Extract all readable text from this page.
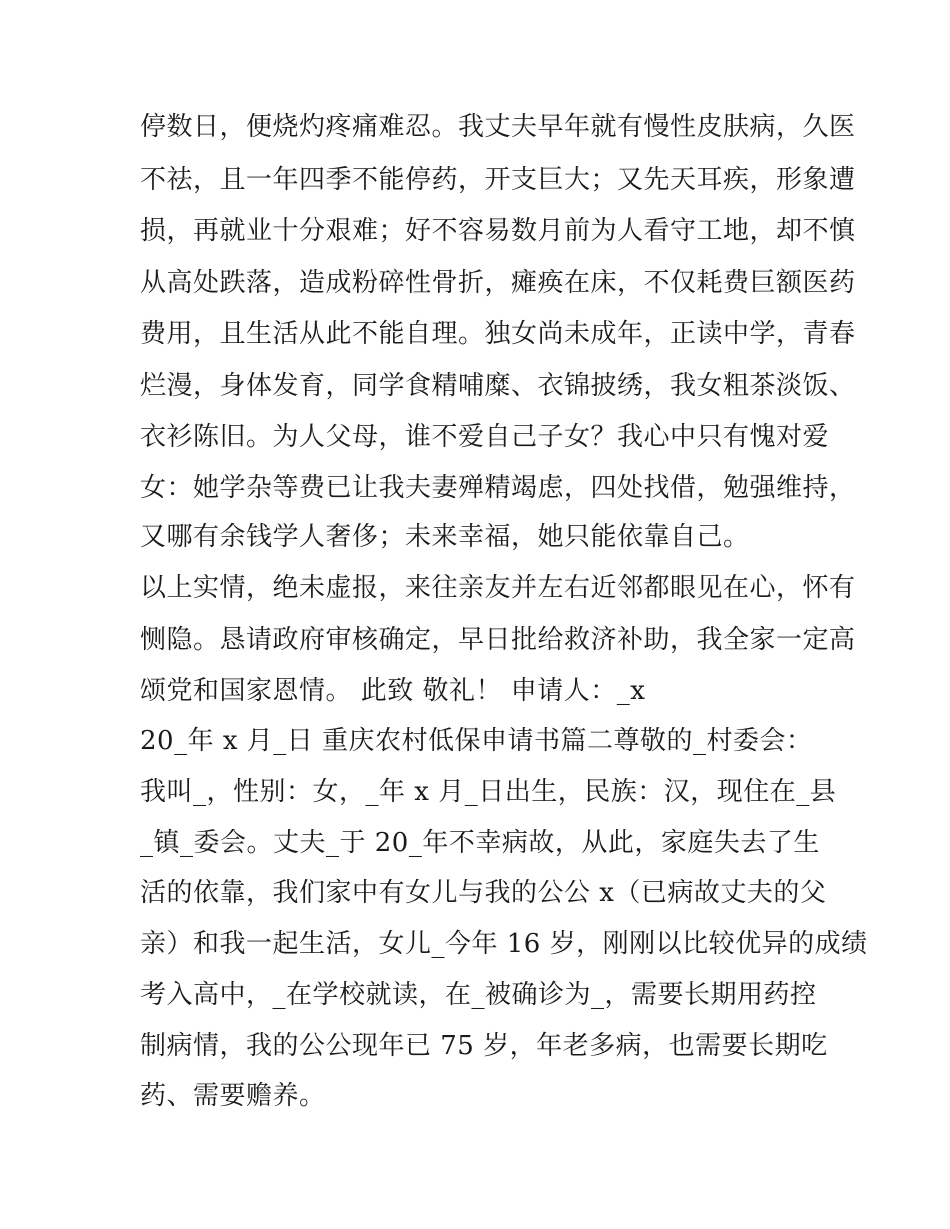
停数日，便烧灼疼痛难忍。我丈夫早年就有慢性皮肤病，久医
不祛，且一年四季不能停药，开支巨大；又先天耳疾，形象遭
损，再就业十分艰难；好不容易数月前为人看守工地，却不慎
从高处跌落，造成粉碎性骨折，瘫痪在床，不仅耗费巨额医药
费用，且生活从此不能自理。独女尚未成年，正读中学，青春
烂漫，身体发育，同学食精哺糜、衣锦披绣，我女粗茶淡饭、
衣衫陈旧。为人父母，谁不爱自己子女？我心中只有愧对爱
女：她学杂等费已让我夫妻殚精竭虑，四处找借，勉强维持，
又哪有余钱学人奢侈；未来幸福，她只能依靠自己。
以上实情，绝未虚报，来往亲友并左右近邻都眼见在心，怀有
恻隐。恳请政府审核确定，早日批给救济补助，我全家一定高
颂党和国家恩情。 此致 敬礼！ 申请人：_x
20_年 x 月_日 重庆农村低保申请书篇二尊敬的_村委会：
我叫_，性别：女，_年 x 月_日出生，民族：汉，现住在_县
_镇_委会。丈夫_于 20_年不幸病故，从此，家庭失去了生
活的依靠，我们家中有女儿与我的公公 x（已病故丈夫的父
亲）和我一起生活，女儿_今年 16 岁，刚刚以比较优异的成绩
考入高中，_在学校就读，在_被确诊为_，需要长期用药控
制病情，我的公公现年已 75 岁，年老多病，也需要长期吃
药、需要赡养。
